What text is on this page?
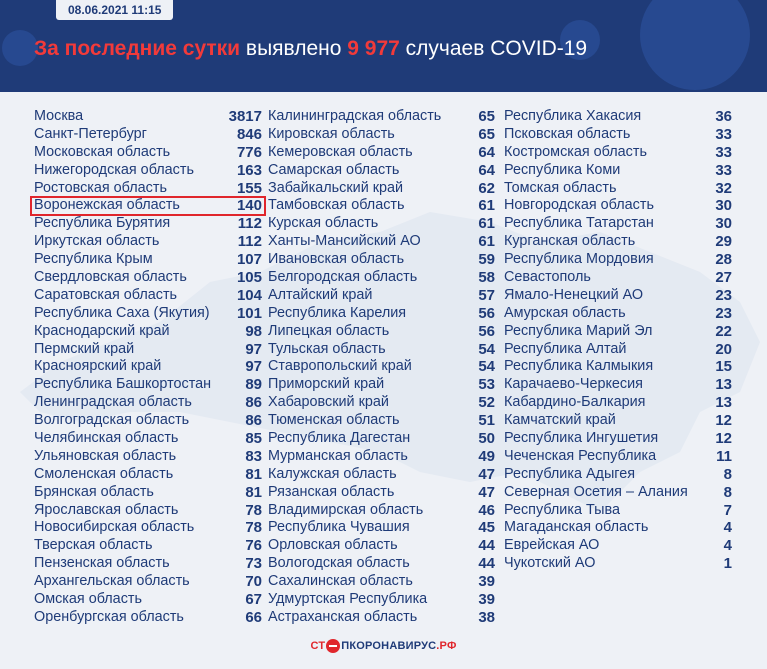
08.06.2021 11:15
За последние сутки выявлено 9 977 случаев COVID-19
Москва	3817
Санкт-Петербург	846
Московская область	776
Нижегородская область	163
Ростовская область	155
Воронежская область	140
Республика Бурятия	112
Иркутская область	112
Республика Крым	107
Свердловская область	105
Саратовская область	104
Республика Саха (Якутия) 101
Краснодарский край	98
Пермский край	97
Красноярский край	97
Республика Башкортостан 89
Ленинградская область	86
Волгоградская область	86
Челябинская область	85
Ульяновская область	83
Смоленская область	81
Брянская область	81
Ярославская область	78
Новосибирская область	78
Тверская область	76
Пензенская область	73
Архангельская область	70
Омская область	67
Оренбургская область	66
Калининградская область 65
Кировская область	65
Кемеровская область	64
Самарская область	64
Забайкальский край	62
Тамбовская область	61
Курская область	61
Ханты-Мансийский АО	61
Ивановская область	59
Белгородская область	58
Алтайский край	57
Республика Карелия	56
Липецкая область	56
Тульская область	54
Ставропольский край	54
Приморский край	53
Хабаровский край	52
Тюменская область	51
Республика Дагестан	50
Мурманская область	49
Калужская область	47
Рязанская область	47
Владимирская область	46
Республика Чувашия	45
Орловская область	44
Вологодская область	44
Сахалинская область	39
Удмуртская Республика	39
Астраханская область	38
Республика Хакасия	36
Псковская область	33
Костромская область	33
Республика Коми	33
Томская область	32
Новгородская область	30
Республика Татарстан	30
Курганская область	29
Республика Мордовия	28
Севастополь	27
Ямало-Ненецкий АО	23
Амурская область	23
Республика Марий Эл	22
Республика Алтай	20
Республика Калмыкия	15
Карачаево-Черкесия	13
Кабардино-Балкария	13
Камчатский край	12
Республика Ингушетия	12
Чеченская Республика	11
Республика Адыгея	8
Северная Осетия – Алания 8
Республика Тыва	7
Магаданская область	4
Еврейская АО	4
Чукотский АО	1
СТ ПКОРОНАВИРУС .РФ
